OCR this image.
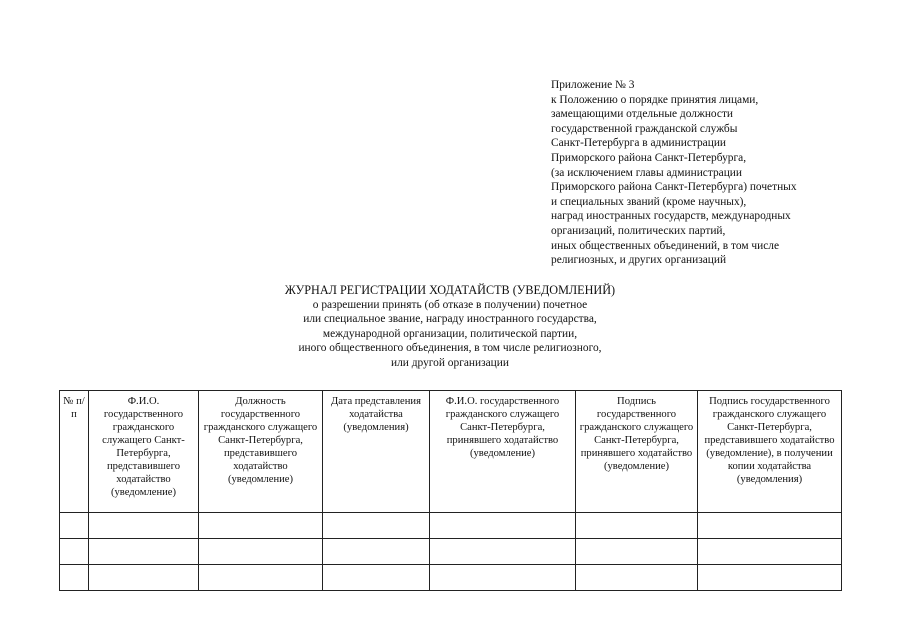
Приложение № 3
к Положению о порядке принятия лицами,
замещающими отдельные должности
государственной гражданской службы
Санкт-Петербурга в администрации
Приморского района Санкт-Петербурга,
(за исключением главы администрации
Приморского района Санкт-Петербурга) почетных
и специальных званий (кроме научных),
наград иностранных государств, международных
организаций, политических партий,
иных общественных объединений, в том числе
религиозных, и других организаций
ЖУРНАЛ РЕГИСТРАЦИИ ХОДАТАЙСТВ (УВЕДОМЛЕНИЙ)
о разрешении принять (об отказе в получении) почетное
или специальное звание, награду иностранного государства,
международной организации, политической партии,
иного общественного объединения, в том числе религиозного,
или другой организации
№ п/п	Ф.И.О. государственного гражданского служащего Санкт-Петербурга, представившего ходатайство (уведомление)	Должность государственного гражданского служащего Санкт-Петербурга, представившего ходатайство (уведомление)	Дата представления ходатайства (уведомления)	Ф.И.О. государственного гражданского служащего Санкт-Петербурга, принявшего ходатайство (уведомление)	Подпись государственного гражданского служащего Санкт-Петербурга, принявшего ходатайство (уведомление)	Подпись государственного гражданского служащего Санкт-Петербурга, представившего ходатайство (уведомление), в получении копии ходатайства (уведомления)
